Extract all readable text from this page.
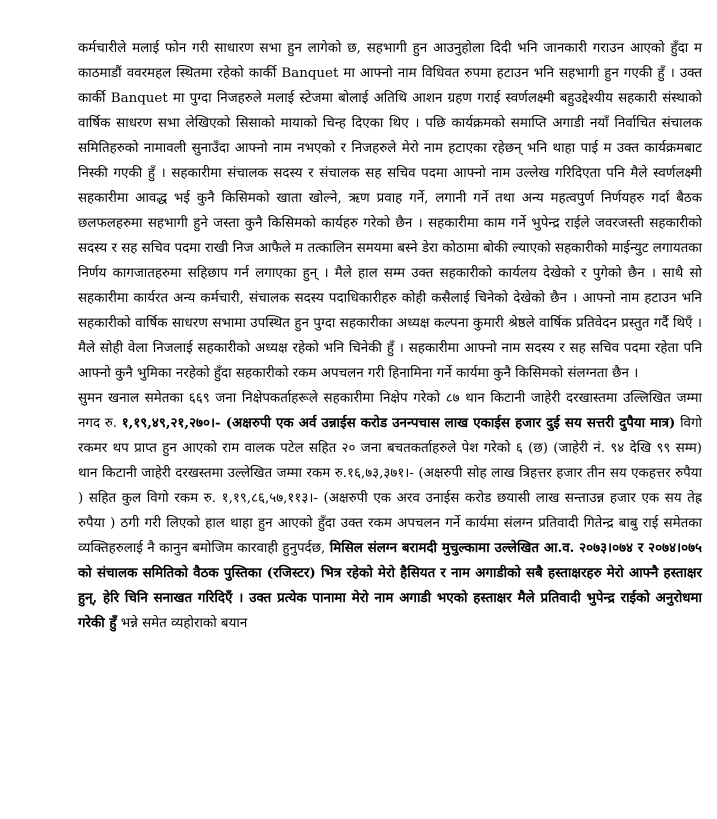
कर्मचारीले मलाई फोन गरी साधारण सभा हुन लागेको छ, सहभागी हुन आउनुहोला दिदी भनि जानकारी गराउन आएको हुँदा म काठमाडौं ववरमहल स्थितमा रहेको कार्की Banquet मा आफ्नो नाम विधिवत रुपमा हटाउन भनि सहभागी हुन गएकी हुँ । उक्त कार्की Banquet मा पुग्दा निजहरुले मलाई स्टेजमा बोलाई अतिथि आशन ग्रहण गराई स्वर्णलक्ष्मी बहुउद्देश्यीय सहकारी संस्थाको वार्षिक साधरण सभा लेखिएको सिसाको मायाको चिन्ह दिएका थिए । पछि कार्यक्रमको समाप्ति अगाडी नयाँ निर्वाचित संचालक समितिहरुको नामावली सुनाउँदा आफ्नो नाम नभएको र निजहरुले मेरो नाम हटाएका रहेछन् भनि थाहा पाई म उक्त कार्यक्रमबाट निस्की गएकी हुँ । सहकारीमा संचालक सदस्य र संचालक सह सचिव पदमा आफ्नो नाम उल्लेख गरिदिएता पनि मैले स्वर्णलक्ष्मी सहकारीमा आवद्ध भई कुनै किसिमको खाता खोल्ने, ऋण प्रवाह गर्ने, लगानी गर्ने तथा अन्य महत्वपुर्ण निर्णयहरु गर्दा बैठक छलफलहरुमा सहभागी हुने जस्ता कुनै किसिमको कार्यहरु गरेको छैन । सहकारीमा काम गर्ने भुपेन्द्र राईले जवरजस्ती सहकारीको सदस्य र सह सचिव पदमा राखी निज आफैले म तत्कालिन समयमा बस्ने डेरा कोठामा बोकी ल्याएको सहकारीको माईन्युट लगायतका निर्णय कागजातहरुमा सहिछाप गर्न लगाएका हुन् । मैले हाल सम्म उक्त सहकारीको कार्यलय देखेको र पुगेको छैन । साथै सो सहकारीमा कार्यरत अन्य कर्मचारी, संचालक सदस्य पदाधिकारीहरु कोही कसैलाई चिनेको देखेको छैन । आफ्नो नाम हटाउन भनि सहकारीको वार्षिक साधरण सभामा उपस्थित हुन पुग्दा सहकारीका अध्यक्ष कल्पना कुमारी श्रेष्ठले वार्षिक प्रतिवेदन प्रस्तुत गर्दै थिएँ । मैले सोही वेला निजलाई सहकारीको अध्यक्ष रहेको भनि चिनेकी हुँ । सहकारीमा आफ्नो नाम सदस्य र सह सचिव पदमा रहेता पनि आफ्नो कुनै भुमिका नरहेको हुँदा सहकारीको रकम अपचलन गरी हिनामिना गर्ने कार्यमा कुनै किसिमको संलग्नता छैन ।

सुमन खनाल समेतका ६६९ जना निक्षेपकर्ताहरूले सहकारीमा निक्षेप गरेको ८७ थान किटानी जाहेरी दरखास्तमा उल्लिखित जम्मा नगद रु. १,१९,४९,२१,२७०।- (अक्षरुपी एक अर्व उन्नाईस करोड उनन्पचास लाख एकाईस हजार दुई सय सत्तरी दुपैया मात्र) विगो रकमर थप प्राप्त हुन आएको राम वालक पटेल सहित २० जना बचतकर्ताहरुले पेश गरेको ६ (छ) (जाहेरी नं. ९४ देखि ९९ सम्म) थान किटानी जाहेरी दरखस्तमा उल्लेखित जम्मा रकम रु.१६,७३,३७१।- (अक्षरुपी सोह लाख त्रिहत्तर हजार तीन सय एकहत्तर रुपैया ) सहित कुल विगो रकम रु. १,१९,८६,५७,११३।- (अक्षरुपी एक अरव उनाईस करोड छयासी लाख सन्ताउन्न हजार एक सय तेह्र रुपैया ) ठगी गरी लिएको हाल थाहा हुन आएको हुँदा उक्त रकम अपचलन गर्ने कार्यमा संलग्न प्रतिवादी गितेन्द्र बाबु राई समेतका व्यक्तिहरुलाई नै कानुन बमोजिम कारवाही हुनुपर्दछ, मिसिल संलग्न बरामदी मुचुल्कामा उल्लेखित आ.व. २०७३।०७४ र २०७४।०७५ को संचालक समितिको वैठक पुस्तिका (रजिस्टर) भित्र रहेको मेरो हैसियत र नाम अगाडीको सबै हस्ताक्षरहरु मेरो आफ्नै हस्ताक्षर हुन्, हेरि चिनि सनाखत गरिदिएँ । उक्त प्रत्येक पानामा मेरो नाम अगाडी भएको हस्ताक्षर मैले प्रतिवादी भुपेन्द्र राईको अनुरोधमा गरेकी हुँ भन्ने समेत व्यहोराको बयान
